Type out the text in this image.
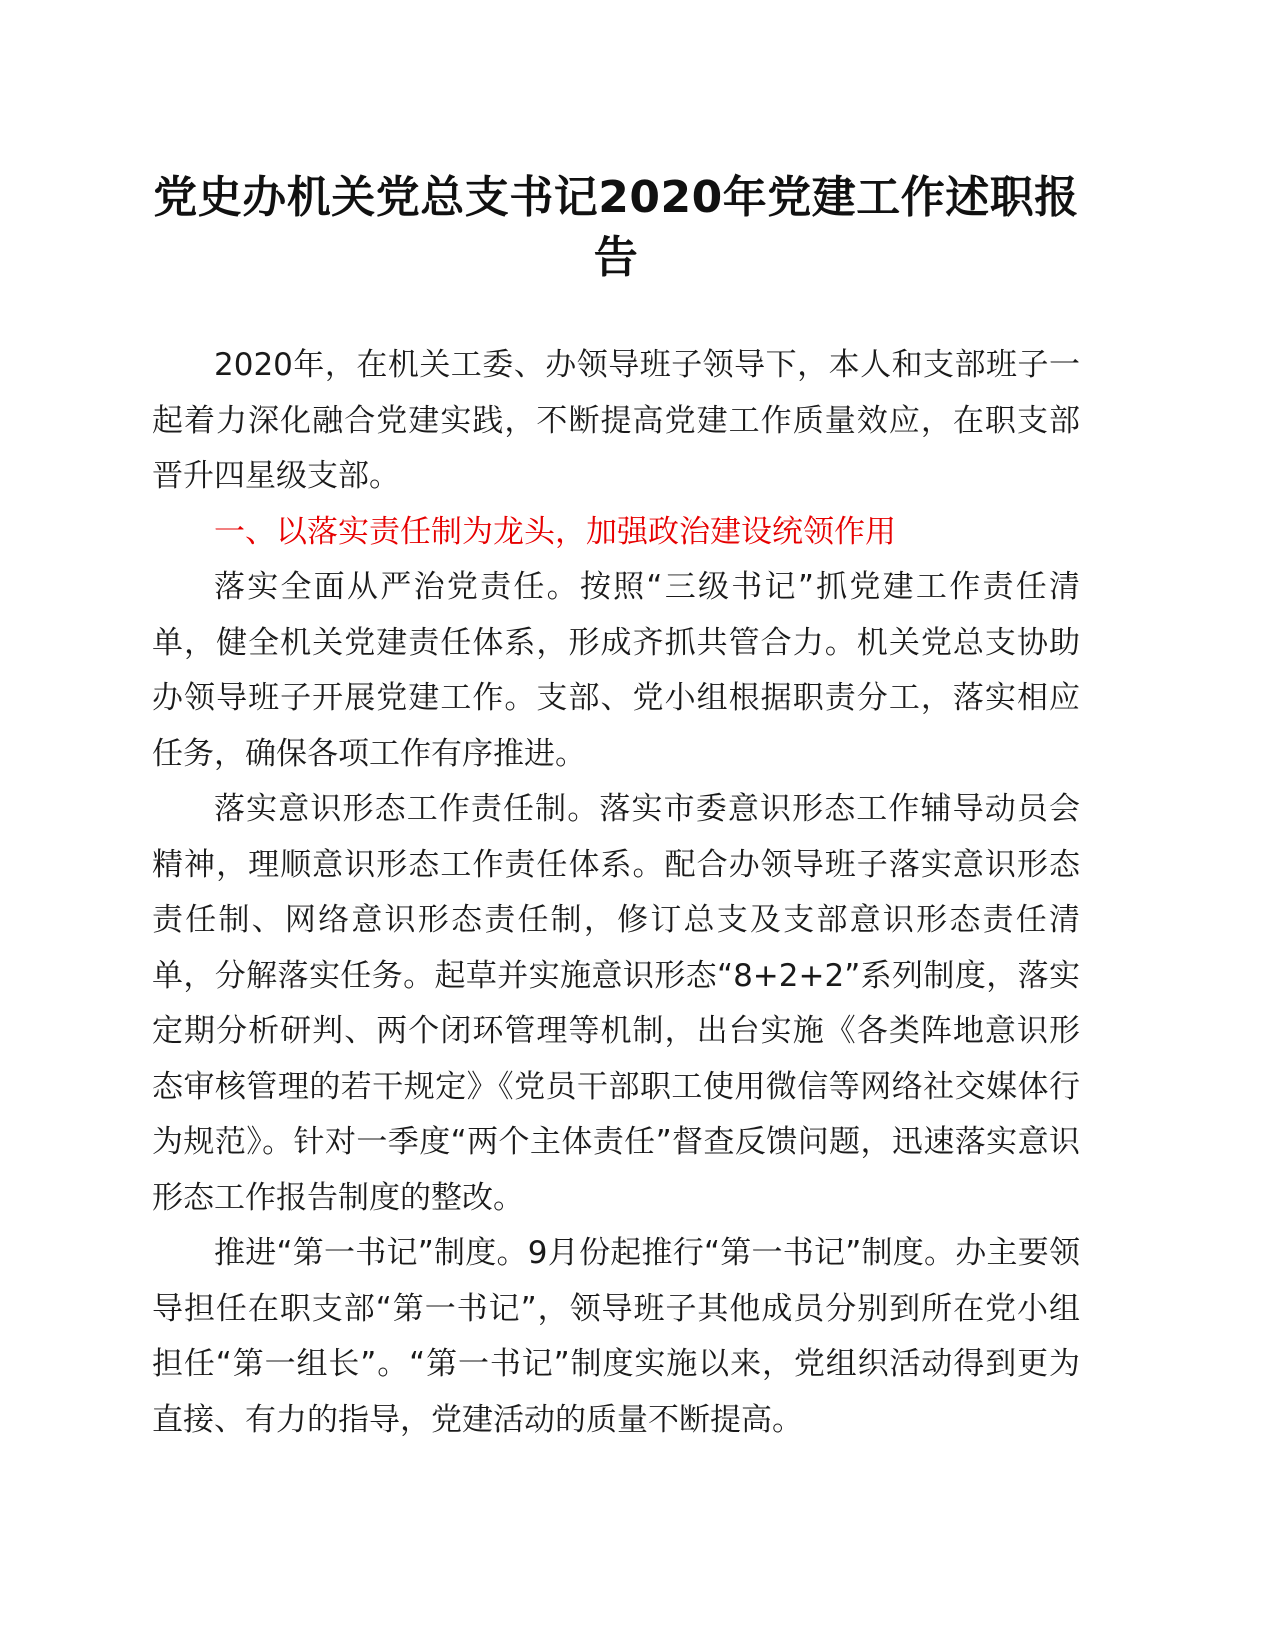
党史办机关党总支书记2020年党建工作述职报告

2020年，在机关工委、办领导班子领导下，本人和支部班子一起着力深化融合党建实践，不断提高党建工作质量效应，在职支部晋升四星级支部。

一、以落实责任制为龙头，加强政治建设统领作用

落实全面从严治党责任。按照“三级书记”抓党建工作责任清单，健全机关党建责任体系，形成齐抓共管合力。机关党总支协助办领导班子开展党建工作。支部、党小组根据职责分工，落实相应任务，确保各项工作有序推进。

落实意识形态工作责任制。落实市委意识形态工作辅导动员会精神，理顺意识形态工作责任体系。配合办领导班子落实意识形态责任制、网络意识形态责任制，修订总支及支部意识形态责任清单，分解落实任务。起草并实施意识形态“8+2+2”系列制度，落实定期分析研判、两个闭环管理等机制，出台实施《各类阵地意识形态审核管理的若干规定》《党员干部职工使用微信等网络社交媒体行为规范》。针对一季度“两个主体责任”督查反馈问题，迅速落实意识形态工作报告制度的整改。

推进“第一书记”制度。9月份起推行“第一书记”制度。办主要领导担任在职支部“第一书记”，领导班子其他成员分别到所在党小组担任“第一组长”。“第一书记”制度实施以来，党组织活动得到更为直接、有力的指导，党建活动的质量不断提高。
